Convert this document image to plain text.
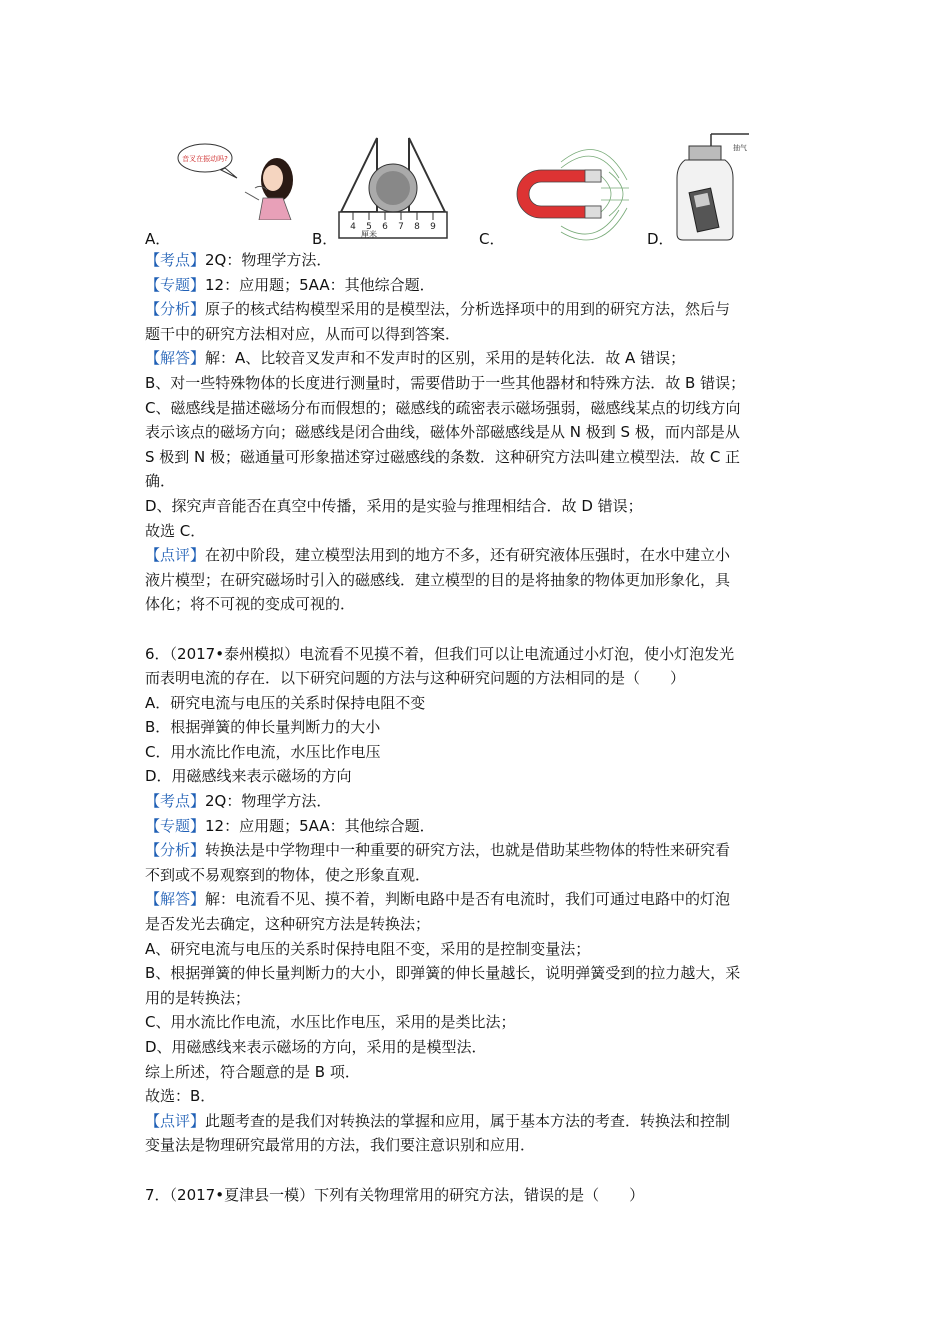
A．
音叉在振动吗?
B．
4 5 6 7 8 9
厘米	C．	D．
抽气
【考点】2Q：物理学方法．
【专题】12：应用题；5AA：其他综合题．
【分析】原子的核式结构模型采用的是模型法，分析选择项中的用到的研究方法，然后与
题干中的研究方法相对应，从而可以得到答案．
【解答】解：A、比较音叉发声和不发声时的区别，采用的是转化法．故 A 错误；
B、对一些特殊物体的长度进行测量时，需要借助于一些其他器材和特殊方法．故 B 错误；
C、磁感线是描述磁场分布而假想的；磁感线的疏密表示磁场强弱，磁感线某点的切线方向
表示该点的磁场方向；磁感线是闭合曲线，磁体外部磁感线是从 N 极到 S 极，而内部是从
S 极到 N 极；磁通量可形象描述穿过磁感线的条数．这种研究方法叫建立模型法．故 C 正
确．
D、探究声音能否在真空中传播，采用的是实验与推理相结合．故 D 错误；
故选 C．
【点评】在初中阶段，建立模型法用到的地方不多，还有研究液体压强时，在水中建立小
液片模型；在研究磁场时引入的磁感线．建立模型的目的是将抽象的物体更加形象化，具
体化；将不可视的变成可视的．
6．（2017•泰州模拟）电流看不见摸不着，但我们可以让电流通过小灯泡，使小灯泡发光
而表明电流的存在．以下研究问题的方法与这种研究问题的方法相同的是（　　）
A．研究电流与电压的关系时保持电阻不变
B．根据弹簧的伸长量判断力的大小
C．用水流比作电流，水压比作电压
D．用磁感线来表示磁场的方向
【考点】2Q：物理学方法．
【专题】12：应用题；5AA：其他综合题．
【分析】转换法是中学物理中一种重要的研究方法，也就是借助某些物体的特性来研究看
不到或不易观察到的物体，使之形象直观．
【解答】解：电流看不见、摸不着，判断电路中是否有电流时，我们可通过电路中的灯泡
是否发光去确定，这种研究方法是转换法；
A、研究电流与电压的关系时保持电阻不变，采用的是控制变量法；
B、根据弹簧的伸长量判断力的大小，即弹簧的伸长量越长，说明弹簧受到的拉力越大，采
用的是转换法；
C、用水流比作电流，水压比作电压，采用的是类比法；
D、用磁感线来表示磁场的方向，采用的是模型法．
综上所述，符合题意的是 B 项．
故选：B．
【点评】此题考查的是我们对转换法的掌握和应用，属于基本方法的考查．转换法和控制
变量法是物理研究最常用的方法，我们要注意识别和应用．
7．（2017•夏津县一模）下列有关物理常用的研究方法，错误的是（　　）
